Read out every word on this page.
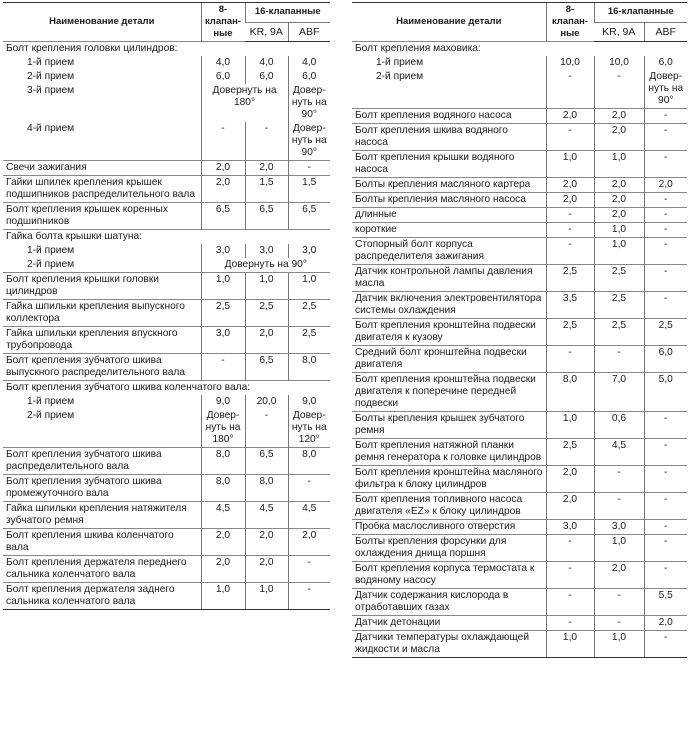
Наименование детали	8-клапан-ные	16-клапанные	
		KR, 9A	ABF
Болт крепления головки цилиндров:			
1-й прием	4,0	4,0	4,0
2-й прием	6,0	6,0	6,0
3-й прием	Довернуть на 180°		Довер-нуть на 90°
4-й прием	-	-	Довер-нуть на 90°
Свечи зажигания	2,0	2,0	-
Гайки шпилек крепления крышек подшипников распределительного вала	2,0	1,5	1,5
Болт крепления крышек коренных подшипников	6,5	6,5	6,5
Гайка болта крышки шатуна:			
1-й прием	3,0	3,0	3,0
2-й прием	Довернуть на 90°		
Болт крепления крышки головки цилиндров	1,0	1,0	1,0
Гайка шпильки крепления выпускного коллектора	2,5	2,5	2,5
Гайка шпильки крепления впускного трубопровода	3,0	2,0	2,5
Болт крепления зубчатого шкива выпускного распределительного вала	-	6,5	8,0
Болт крепления зубчатого шкива коленчатого вала:			
1-й прием	9,0	20,0	9,0
2-й прием	Довер-нуть на 180°	-	Довер-нуть на 120°
Болт крепления зубчатого шкива распределительного вала	8,0	6,5	8,0
Болт крепления зубчатого шкива промежуточного вала	8,0	8,0	-
Гайка шпильки крепления натяжителя зубчатого ремня	4,5	4,5	4,5
Болт крепления шкива коленчатого вала	2,0	2,0	2,0
Болт крепления держателя переднего сальника коленчатого вала	2,0	2,0	-
Болт крепления держателя заднего сальника коленчатого вала	1,0	1,0	-
Наименование детали	8-клапан-ные	16-клапанные	
		KR, 9A	ABF
Болт крепления маховика:			
1-й прием	10,0	10,0	6,0
2-й прием	-	-	Довер-нуть на 90°
Болт крепления водяного насоса	2,0	2,0	-
Болт крепления шкива водяного насоса	-	2,0	-
Болт крепления крышки водяного насоса	1,0	1,0	-
Болты крепления масляного картера	2,0	2,0	2,0
Болты крепления масляного насоса	2,0	2,0	-
длинные	-	2,0	-
короткие	-	1,0	-
Стопорный болт корпуса распределителя зажигания	-	1,0	-
Датчик контрольной лампы давления масла	2,5	2,5	-
Датчик включения электровентилятора системы охлаждения	3,5	2,5	-
Болт крепления кронштейна подвески двигателя к кузову	2,5	2,5	2,5
Средний болт кронштейна подвески двигателя	-	-	6,0
Болт крепления кронштейна подвески двигателя к поперечине передней подвески	8,0	7,0	5,0
Болты крепления крышек зубчатого ремня	1,0	0,6	-
Болт крепления натяжной планки ремня генератора к головке цилиндров	2,5	4,5	-
Болт крепления кронштейна масляного фильтра к блоку цилиндров	2,0	-	-
Болт крепления топливного насоса двигателя «EZ» к блоку цилиндров	2,0	-	-
Пробка маслосливного отверстия	3,0	3,0	-
Болты крепления форсунки для охлаждения днища поршня	-	1,0	-
Болт крепления корпуса термостата к водяному насосу	-	2,0	-
Датчик содержания кислорода в отработавших газах	-	-	5,5
Датчик детонации	-	-	2,0
Датчики температуры охлаждающей жидкости и масла	1,0	1,0	-
